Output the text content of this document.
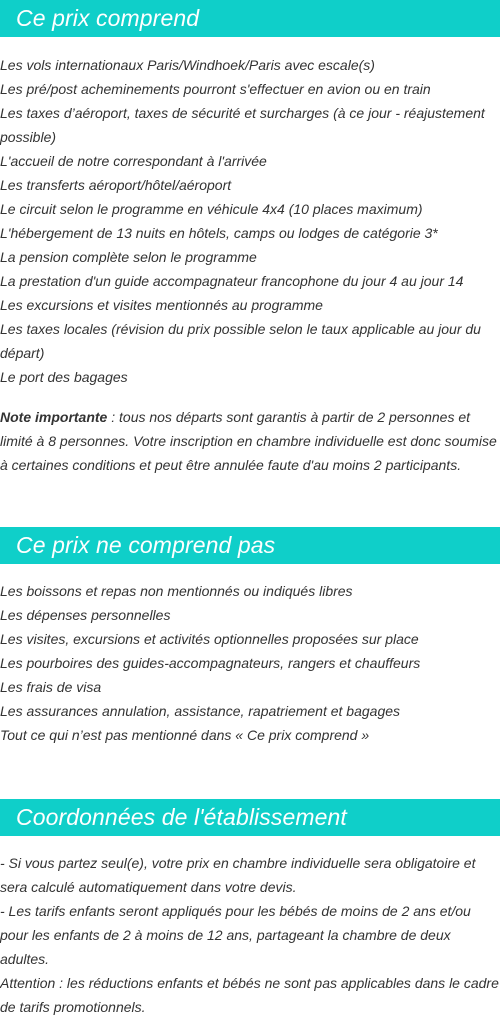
Ce prix comprend
Les vols internationaux Paris/Windhoek/Paris avec escale(s)
Les pré/post acheminements pourront s'effectuer en avion ou en train
Les taxes d’aéroport, taxes de sécurité et surcharges (à ce jour - réajustement possible)
L'accueil de notre correspondant à l'arrivée
Les transferts aéroport/hôtel/aéroport
Le circuit selon le programme en véhicule 4x4 (10 places maximum)
L'hébergement de 13 nuits en hôtels, camps ou lodges de catégorie 3*
La pension complète selon le programme
La prestation d'un guide accompagnateur francophone du jour 4 au jour 14
Les excursions et visites mentionnés au programme
Les taxes locales (révision du prix possible selon le taux applicable au jour du départ)
Le port des bagages

Note importante : tous nos départs sont garantis à partir de 2 personnes et limité à 8 personnes. Votre inscription en chambre individuelle est donc soumise à certaines conditions et peut être annulée faute d'au moins 2 participants.

Ce prix ne comprend pas
Les boissons et repas non mentionnés ou indiqués libres
Les dépenses personnelles
Les visites, excursions et activités optionnelles proposées sur place
Les pourboires des guides-accompagnateurs, rangers et chauffeurs
Les frais de visa
Les assurances annulation, assistance, rapatriement et bagages
Tout ce qui n’est pas mentionné dans « Ce prix comprend »
Coordonnées de l'établissement
- Si vous partez seul(e), votre prix en chambre individuelle sera obligatoire et sera calculé automatiquement dans votre devis.
- Les tarifs enfants seront appliqués pour les bébés de moins de 2 ans et/ou pour les enfants de 2 à moins de 12 ans, partageant la chambre de deux adultes.
Attention : les réductions enfants et bébés ne sont pas applicables dans le cadre de tarifs promotionnels.
